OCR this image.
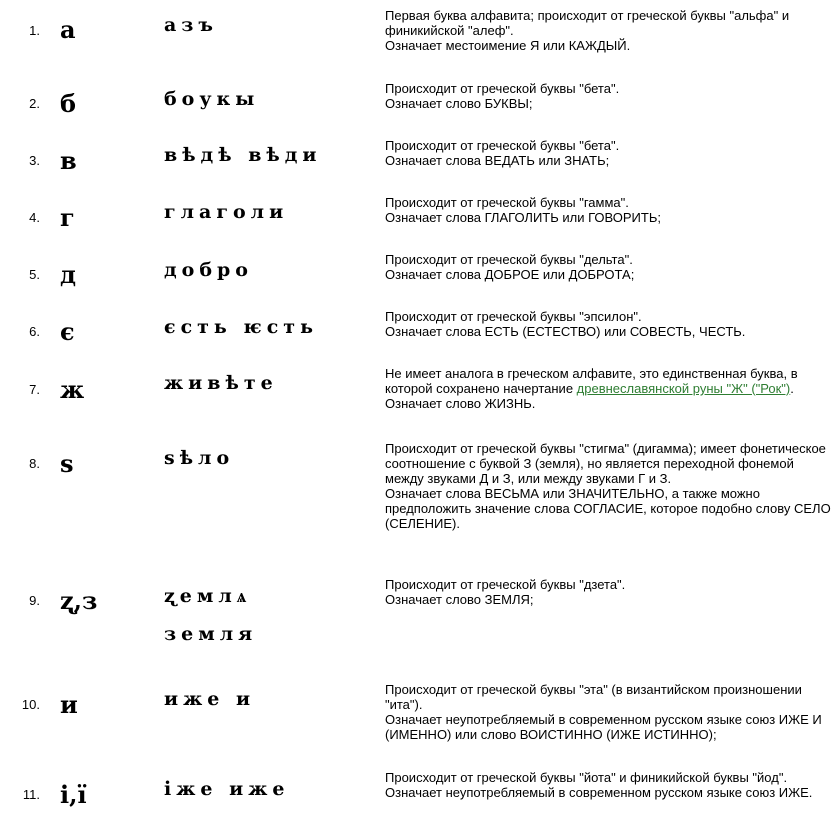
1. а	азъ	Первая буква алфавита; происходит от греческой буквы "альфа" и финикийской "алеф".

Означает местоимение Я или КАЖДЫЙ.

2. б	боукы	Происходит от греческой буквы "бета".

Означает слово БУКВЫ;

3. в	вѣдѣ вѣди	Происходит от греческой буквы "бета".

Означает слова ВЕДАТЬ или ЗНАТЬ;

4. г	глаголи	Происходит от греческой буквы "гамма".

Означает слова ГЛАГОЛИТЬ или ГОВОРИТЬ;

5. д	добро	Происходит от греческой буквы "дельта".

Означает слова ДОБРОЕ или ДОБРОТА;

6. є	єсть ѥсть	Происходит от греческой буквы "эпсилон".

Означает слова ЕСТЬ (ЕСТЕСТВО) или СОВЕСТЬ, ЧЕСТЬ.

7. ж	живѣте	Не имеет аналога в греческом алфавите, это единственная буква, в которой сохранено начертание древнеславянской руны "Ж" ("Рок").

Означает слово ЖИЗНЬ.

8. ѕ	ѕѣло	Происходит от греческой буквы "стигма" (дигамма); имеет фонетическое соотношение с буквой З (земля), но является переходной фонемой между звуками Д и З, или между звуками Г и З.

Означает слова ВЕСЬМА или ЗНАЧИТЕЛЬНО, а также можно предположить значение слова СОГЛАСИЕ, которое подобно слову СЕЛО (СЕЛЕНИЕ).

9. ʐ,з	ʐемлѧ
земля

Происходит от греческой буквы "дзета".

Означает слово ЗЕМЛЯ;

10. и	иже и	Происходит от греческой буквы "эта" (в византийском произношении "ита").

Означает неупотребляемый в современном русском языке союз ИЖЕ И (ИМЕННО) или слово ВОИСТИННО (ИЖЕ ИСТИННО);

11. і,ї	іже иже

Происходит от греческой буквы "йота" и финикийской буквы "йод".

Означает неупотребляемый в современном русском языке союз ИЖЕ.
